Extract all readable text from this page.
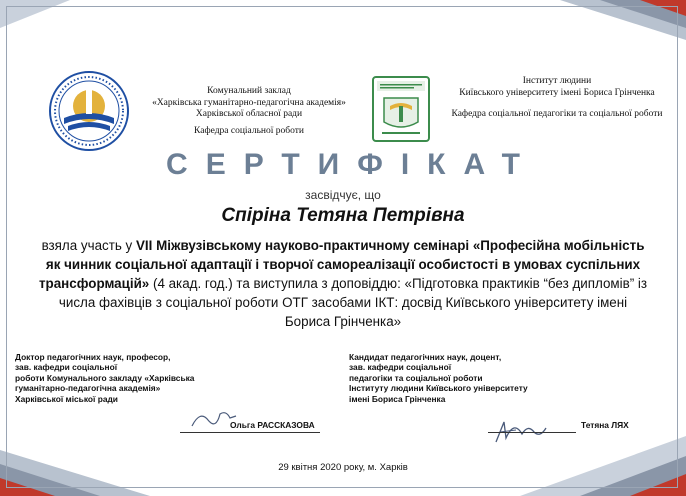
Комунальний заклад
«Харківська гуманітарно-педагогічна академія»
Харківської обласної ради
Кафедра соціальної роботи
Інститут людини
Київського університету імені Бориса Грінченка
Кафедра соціальної педагогіки та соціальної роботи
СЕРТИФІКАТ
засвідчує, що
Спіріна Тетяна Петрівна
взяла участь у VII Міжвузівському науково-практичному семінарі «Професійна мобільність як чинник соціальної адаптації і творчої самореалізації особистості в умовах суспільних трансформацій» (4 акад. год.) та виступила з доповіддю: «Підготовка практиків “без дипломів” із числа фахівців з соціальної роботи ОТГ засобами ІКТ: досвід Київського університету імені Бориса Грінченка»
Доктор педагогічних наук, професор,
зав. кафедри соціальної
роботи Комунального закладу «Харківська
гуманітарно-педагогічна академія»
Харківської міської ради
Кандидат педагогічних наук, доцент,
зав. кафедри соціальної
педагогіки та соціальної роботи
Інституту людини Київського університету
імені Бориса Грінченка
Ольга РАССКАЗОВА	Тетяна ЛЯХ
29 квітня 2020 року, м. Харків
